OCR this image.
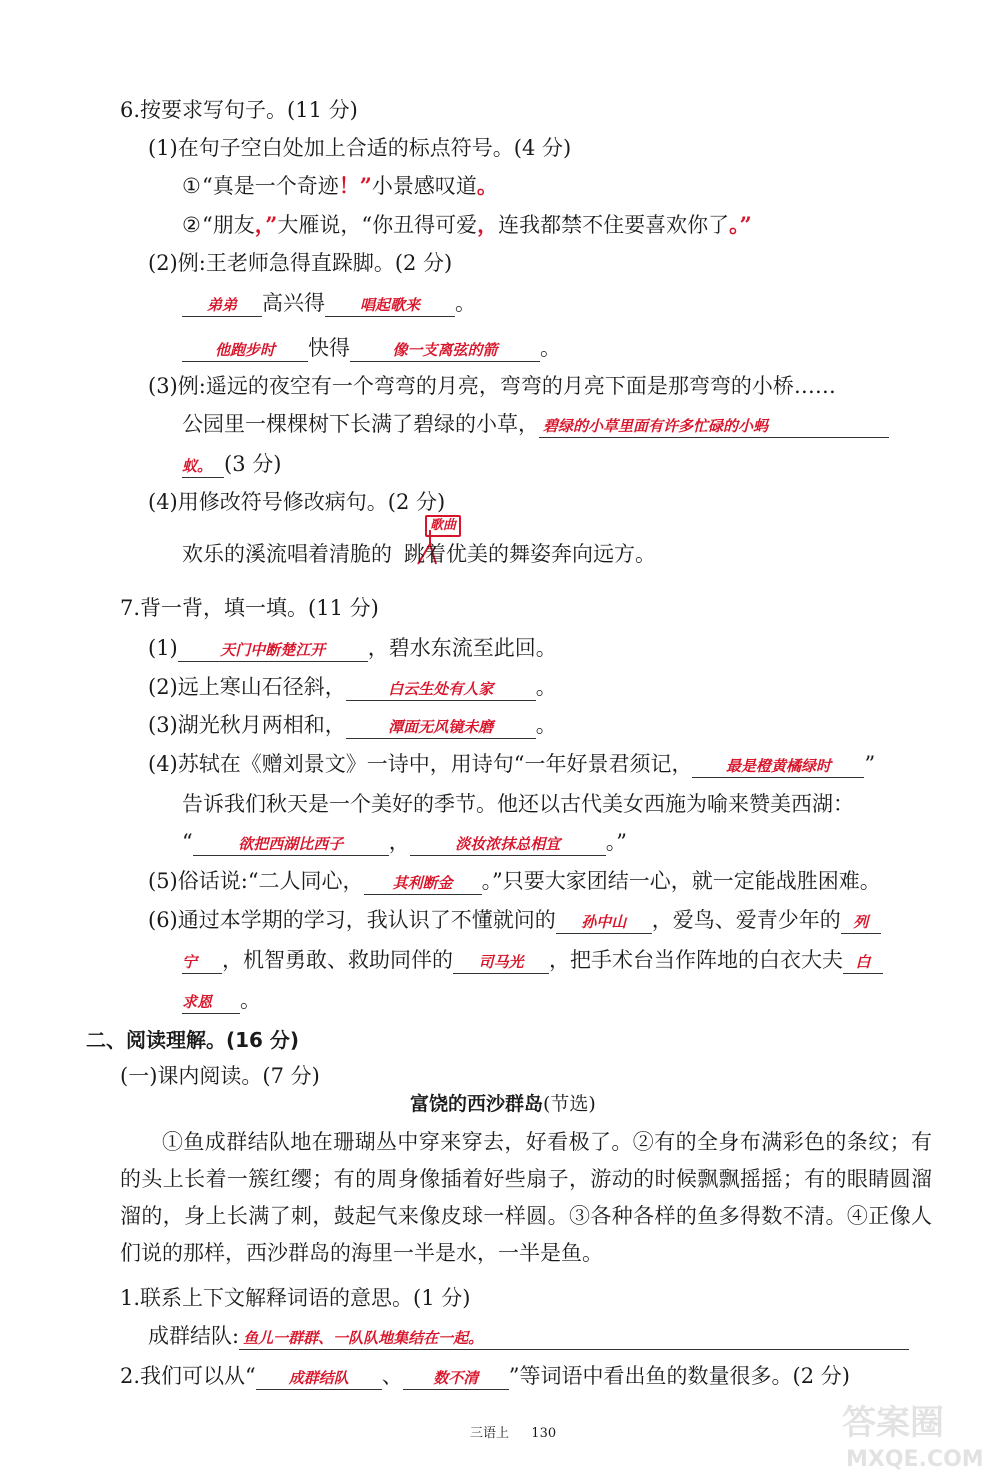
6.按要求写句子。(11 分)
(1)在句子空白处加上合适的标点符号。(4 分)
①“真是一个奇迹！”小景感叹道。
②“朋友，”大雁说，“你丑得可爱，连我都禁不住要喜欢你了。”
(2)例:王老师急得直跺脚。(2 分)
弟弟 高兴得 唱起歌来 。
他跑步时 快得	像一支离弦的箭 。
(3)例:遥远的夜空有一个弯弯的月亮，弯弯的月亮下面是那弯弯的小桥……
公园里一棵棵树下长满了碧绿的小草， 碧绿的小草里面有许多忙碌的小蚂
蚁。 (3 分)
(4)用修改符号修改病句。(2 分)
歌曲
欢乐的溪流唱着清脆的 跳着优美的舞姿奔向远方。
7.背一背，填一填。(11 分)
(1)	天门中断楚江开 ，碧水东流至此回。
(2)远上寒山石径斜，	白云生处有人家 。
(3)湖光秋月两相和，	潭面无风镜未磨 。
(4)苏轼在《赠刘景文》一诗中，用诗句“一年好景君须记， 最是橙黄橘绿时 ”
告诉我们秋天是一个美好的季节。他还以古代美女西施为喻来赞美西湖：
“	欲把西湖比西子 ，	淡妆浓抹总相宜 。”
(5)俗话说:“二人同心， 其利断金 。”只要大家团结一心，就一定能战胜困难。
(6)通过本学期的学习，我认识了不懂就问的 孙中山 ，爱鸟、爱青少年的 列
宁 ，机智勇敢、救助同伴的 司马光 ，把手术台当作阵地的白衣大夫 白
求恩 。
二、阅读理解。(16 分)
(一)课内阅读。(7 分)
富饶的西沙群岛(节选)
①鱼成群结队地在珊瑚丛中穿来穿去，好看极了。②有的全身布满彩色的条纹；有的头上长着一簇红缨；有的周身像插着好些扇子，游动的时候飘飘摇摇；有的眼睛圆溜溜的，身上长满了刺，鼓起气来像皮球一样圆。③各种各样的鱼多得数不清。④正像人们说的那样，西沙群岛的海里一半是水，一半是鱼。
1.联系上下文解释词语的意思。(1 分)
成群结队: 鱼儿一群群、一队队地集结在一起。
2.我们可以从“ 成群结队 、 数不清 ”等词语中看出鱼的数量很多。(2 分)
三语上 130	答案圈
MXQE.COM
